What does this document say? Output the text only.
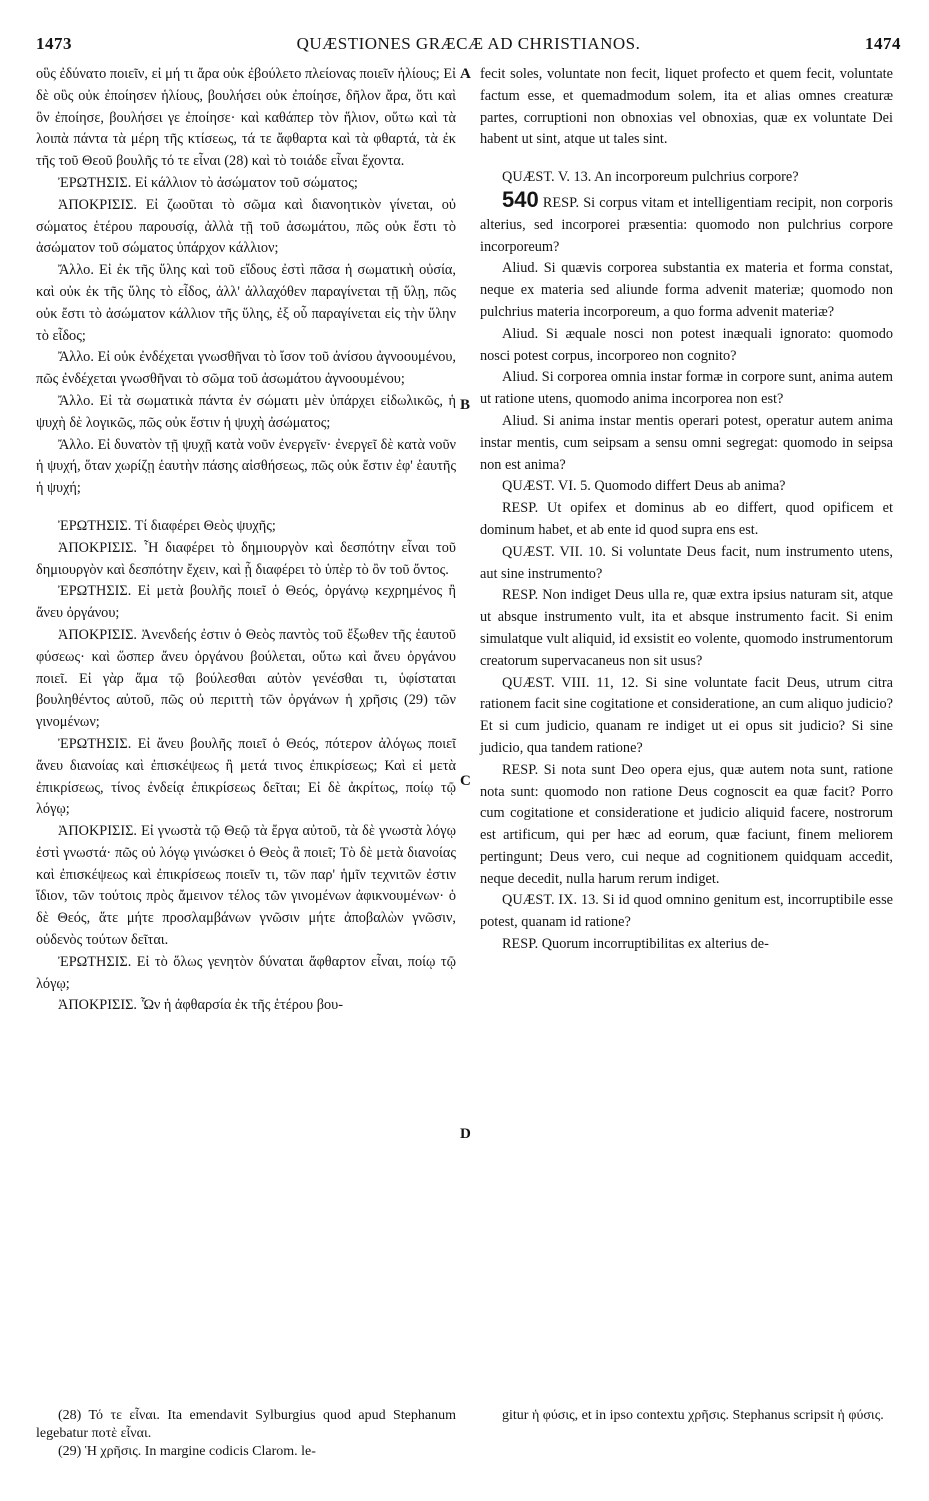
1473	QUÆSTIONES GRÆCÆ AD CHRISTIANOS.	1474
A
B
C
D

οὓς ἐδύνατο ποιεῖν, εἰ μή τι ἄρα οὐκ ἐβούλετο πλείονας ποιεῖν ἡλίους; Εἰ δὲ οὓς οὐκ ἐποίησεν ἡλίους, βουλήσει οὐκ ἐποίησε, δῆλον ἄρα, ὅτι καὶ ὃν ἐποίησε, βουλήσει γε ἐποίησε· καὶ καθάπερ τὸν ἥλιον, οὕτω καὶ τὰ λοιπὰ πάντα τὰ μέρη τῆς κτίσεως, τά τε ἄφθαρτα καὶ τὰ φθαρτά, τὰ ἐκ τῆς τοῦ Θεοῦ βουλῆς τό τε εἶναι (28) καὶ τὸ τοιάδε εἶναι ἔχοντα.

ἘΡΩΤΗΣΙΣ. Εἰ κάλλιον τὸ ἀσώματον τοῦ σώματος;

ἈΠΟΚΡΙΣΙΣ. Εἰ ζωοῦται τὸ σῶμα καὶ διανοητικὸν γίνεται, οὐ σώματος ἑτέρου παρουσίᾳ, ἀλλὰ τῇ τοῦ ἀσωμάτου, πῶς οὐκ ἔστι τὸ ἀσώματον τοῦ σώματος ὑπάρχον κάλλιον;

Ἄλλο. Εἰ ἐκ τῆς ὕλης καὶ τοῦ εἴδους ἐστὶ πᾶσα ἡ σωματικὴ οὐσία, καὶ οὐκ ἐκ τῆς ὕλης τὸ εἶδος, ἀλλ' ἀλλαχόθεν παραγίνεται τῇ ὕλῃ, πῶς οὐκ ἔστι τὸ ἀσώματον κάλλιον τῆς ὕλης, ἐξ οὗ παραγίνεται εἰς τὴν ὕλην τὸ εἶδος;

Ἄλλο. Εἰ οὐκ ἐνδέχεται γνωσθῆναι τὸ ἴσον τοῦ ἀνίσου ἀγνοουμένου, πῶς ἐνδέχεται γνωσθῆναι τὸ σῶμα τοῦ ἀσωμάτου ἀγνοουμένου;

Ἄλλο. Εἰ τὰ σωματικὰ πάντα ἐν σώματι μὲν ὑπάρχει εἰδωλικῶς, ἡ ψυχὴ δὲ λογικῶς, πῶς οὐκ ἔστιν ἡ ψυχὴ ἀσώματος;

Ἄλλο. Εἰ δυνατὸν τῇ ψυχῇ κατὰ νοῦν ἐνεργεῖν· ἐνεργεῖ δὲ κατὰ νοῦν ἡ ψυχή, ὅταν χωρίζῃ ἑαυτὴν πάσης αἰσθήσεως, πῶς οὐκ ἔστιν ἐφ' ἑαυτῆς ἡ ψυχή;

ἘΡΩΤΗΣΙΣ. Τί διαφέρει Θεὸς ψυχῆς;

ἈΠΟΚΡΙΣΙΣ. Ἧ διαφέρει τὸ δημιουργὸν καὶ δεσπότην εἶναι τοῦ δημιουργὸν καὶ δεσπότην ἔχειν, καὶ ᾗ διαφέρει τὸ ὑπὲρ τὸ ὂν τοῦ ὄντος.

ἘΡΩΤΗΣΙΣ. Εἰ μετὰ βουλῆς ποιεῖ ὁ Θεός, ὀργάνῳ κεχρημένος ἢ ἄνευ ὀργάνου;

ἈΠΟΚΡΙΣΙΣ. Ἀνενδεής ἐστιν ὁ Θεὸς παντὸς τοῦ ἔξωθεν τῆς ἑαυτοῦ φύσεως· καὶ ὥσπερ ἄνευ ὀργάνου βούλεται, οὕτω καὶ ἄνευ ὀργάνου ποιεῖ. Εἰ γὰρ ἅμα τῷ βούλεσθαι αὐτὸν γενέσθαι τι, ὑφίσταται βουληθέντος αὐτοῦ, πῶς οὐ περιττὴ τῶν ὀργάνων ἡ χρῆσις (29) τῶν γινομένων;

ἘΡΩΤΗΣΙΣ. Εἰ ἄνευ βουλῆς ποιεῖ ὁ Θεός, πότερον ἀλόγως ποιεῖ ἄνευ διανοίας καὶ ἐπισκέψεως ἢ μετά τινος ἐπικρίσεως; Καὶ εἰ μετὰ ἐπικρίσεως, τίνος ἐνδείᾳ ἐπικρίσεως δεῖται; Εἰ δὲ ἀκρίτως, ποίῳ τῷ λόγῳ;

ἈΠΟΚΡΙΣΙΣ. Εἰ γνωστὰ τῷ Θεῷ τὰ ἔργα αὐτοῦ, τὰ δὲ γνωστὰ λόγῳ ἐστὶ γνωστά· πῶς οὐ λόγῳ γινώσκει ὁ Θεὸς ἃ ποιεῖ; Τὸ δὲ μετὰ διανοίας καὶ ἐπισκέψεως καὶ ἐπικρίσεως ποιεῖν τι, τῶν παρ' ἡμῖν τεχνιτῶν ἐστιν ἴδιον, τῶν τούτοις πρὸς ἄμεινον τέλος τῶν γινομένων ἀφικνουμένων· ὁ δὲ Θεός, ἅτε μήτε προσλαμβάνων γνῶσιν μήτε ἀποβαλὼν γνῶσιν, οὐδενὸς τούτων δεῖται.

ἘΡΩΤΗΣΙΣ. Εἰ τὸ ὅλως γενητὸν δύναται ἄφθαρτον εἶναι, ποίῳ τῷ λόγῳ;

ἈΠΟΚΡΙΣΙΣ. Ὧν ἡ ἀφθαρσία ἐκ τῆς ἑτέρου βου-

fecit soles, voluntate non fecit, liquet profecto et quem fecit, voluntate factum esse, et quemadmodum solem, ita et alias omnes creaturæ partes, corruptioni non obnoxias vel obnoxias, quæ ex voluntate Dei habent ut sint, atque ut tales sint.

QUÆST. V. 13. An incorporeum pulchrius corpore?

540 RESP. Si corpus vitam et intelligentiam recipit, non corporis alterius, sed incorporei præsentia: quomodo non pulchrius corpore incorporeum?

Aliud. Si quævis corporea substantia ex materia et forma constat, neque ex materia sed aliunde forma advenit materiæ; quomodo non pulchrius materia incorporeum, a quo forma advenit materiæ?

Aliud. Si æquale nosci non potest inæquali ignorato: quomodo nosci potest corpus, incorporeo non cognito?

Aliud. Si corporea omnia instar formæ in corpore sunt, anima autem ut ratione utens, quomodo anima incorporea non est?

Aliud. Si anima instar mentis operari potest, operatur autem anima instar mentis, cum seipsam a sensu omni segregat: quomodo in seipsa non est anima?

QUÆST. VI. 5. Quomodo differt Deus ab anima?

RESP. Ut opifex et dominus ab eo differt, quod opificem et dominum habet, et ab ente id quod supra ens est.

QUÆST. VII. 10. Si voluntate Deus facit, num instrumento utens, aut sine instrumento?

RESP. Non indiget Deus ulla re, quæ extra ipsius naturam sit, atque ut absque instrumento vult, ita et absque instrumento facit. Si enim simulatque vult aliquid, id exsistit eo volente, quomodo instrumentorum creatorum supervacaneus non sit usus?

QUÆST. VIII. 11, 12. Si sine voluntate facit Deus, utrum citra rationem facit sine cogitatione et consideratione, an cum aliquo judicio? Et si cum judicio, quanam re indiget ut ei opus sit judicio? Si sine judicio, qua tandem ratione?

RESP. Si nota sunt Deo opera ejus, quæ autem nota sunt, ratione nota sunt: quomodo non ratione Deus cognoscit ea quæ facit? Porro cum cogitatione et consideratione et judicio aliquid facere, nostrorum est artificum, qui per hæc ad eorum, quæ faciunt, finem meliorem pertingunt; Deus vero, cui neque ad cognitionem quidquam accedit, neque decedit, nulla harum rerum indiget.

QUÆST. IX. 13. Si id quod omnino genitum est, incorruptibile esse potest, quanam id ratione?

RESP. Quorum incorruptibilitas ex alterius de-

(28) Τό τε εἶναι. Ita emendavit Sylburgius quod apud Stephanum legebatur ποτὲ εἶναι.

(29) Ἡ χρῆσις. In margine codicis Clarom. le-

gitur ἡ φύσις, et in ipso contextu χρῆσις. Stephanus scripsit ἡ φύσις.
